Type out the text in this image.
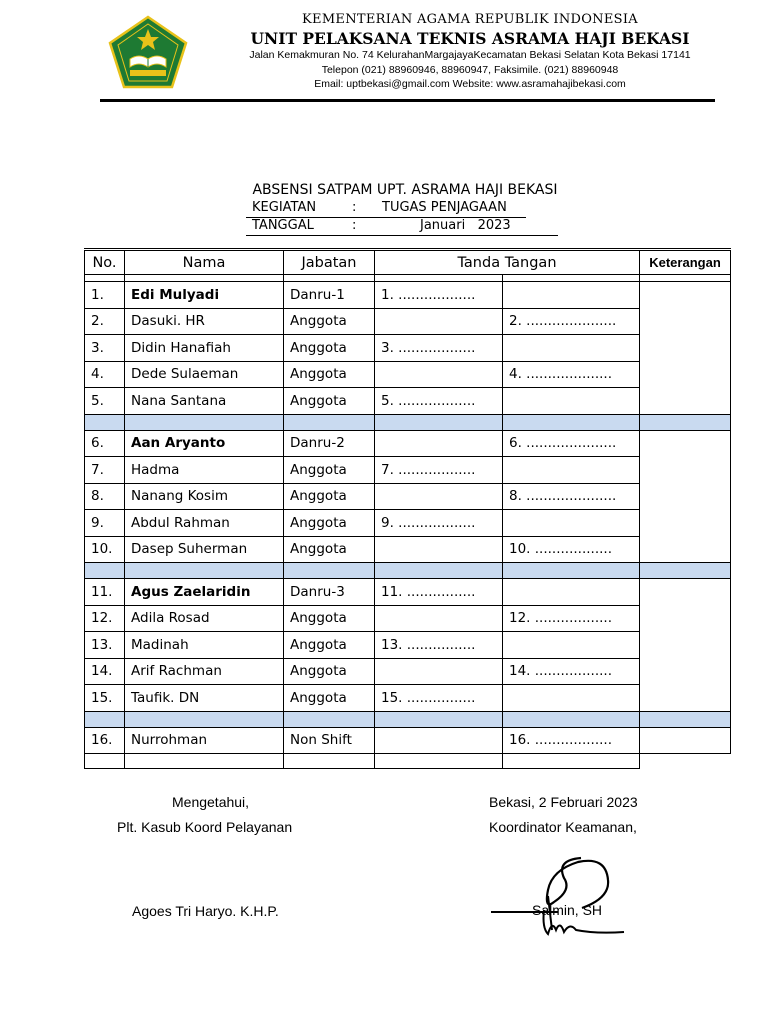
KEMENTERIAN AGAMA REPUBLIK INDONESIA
UNIT PELAKSANA TEKNIS ASRAMA HAJI BEKASI
Jalan Kemakmuran No. 74 KelurahanMargajayaKecamatan Bekasi Selatan Kota Bekasi 17141
Telepon (021) 88960946, 88960947, Faksimile. (021) 88960948
Email: uptbekasi@gmail.com Website: www.asramahajibekasi.com
ABSENSI SATPAM UPT. ASRAMA HAJI BEKASI
KEGIATAN	: TUGAS PENJAGAAN
TANGGAL	:	Januari   2023
No.	Nama	Jabatan	Tanda Tangan		Keterangan

1.	Edi Mulyadi	Danru-1	1. ..................		
2.	Dasuki. HR	Anggota		2. .....................	
3.	Didin Hanafiah	Anggota	3. ..................		
4.	Dede Sulaeman	Anggota		4. ....................	
5.	Nana Santana	Anggota	5. ..................		

6.	Aan Aryanto	Danru-2		6. .....................	
7.	Hadma	Anggota	7. ..................		
8.	Nanang Kosim	Anggota		8. .....................	
9.	Abdul Rahman	Anggota	9. ..................		
10.	Dasep Suherman	Anggota		10. ..................	

11.	Agus Zaelaridin	Danru-3	11. ................		
12.	Adila Rosad	Anggota		12. ..................	
13.	Madinah	Anggota	13. ................		
14.	Arif Rachman	Anggota		14. ..................	
15.	Taufik. DN	Anggota	15. ................		

16.	Nurrohman	Non Shift		16. ..................	

Mengetahui,
Plt. Kasub Koord Pelayanan
Agoes Tri Haryo. K.H.P.
Bekasi, 2 Februari 2023
Koordinator Keamanan,
Salmin, SH
